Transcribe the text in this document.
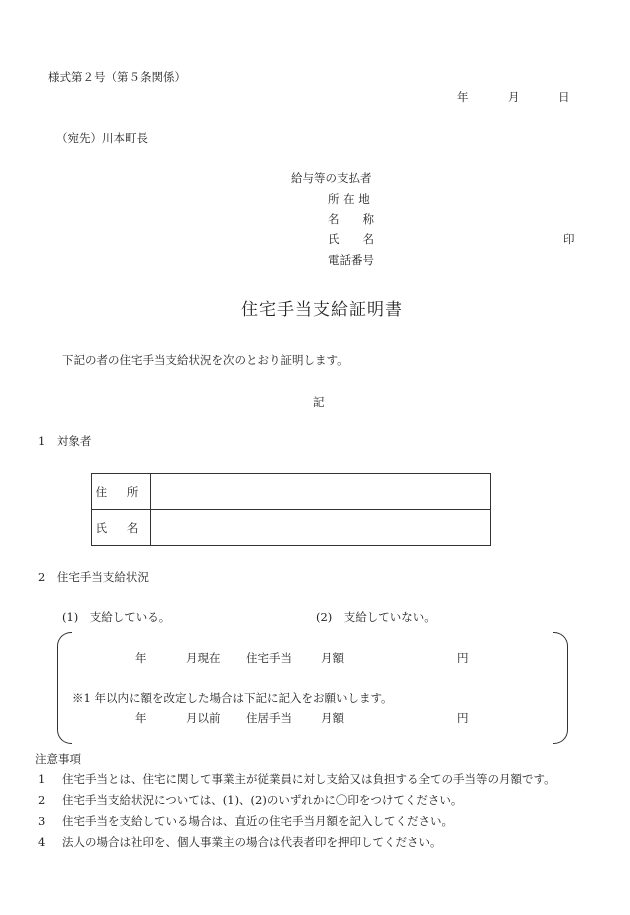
様式第２号（第５条関係）
年	月	日
（宛先）川本町長
給与等の支払者
所 在 地
名　　称
氏　　名	印
電話番号
住宅手当支給証明書
下記の者の住宅手当支給状況を次のとおり証明します。
記
1　対象者
住 所	
氏 名	
2　住宅手当支給状況
(1)　支給している。	(2)　支給していない。
年	月現在 住宅手当	月額	円
※1 年以内に額を改定した場合は下記に記入をお願いします。
年	月以前 住居手当	月額	円
注意事項
1 住宅手当とは、住宅に関して事業主が従業員に対し支給又は負担する全ての手当等の月額です。
2 住宅手当支給状況については、(1)、(2)のいずれかに〇印をつけてください。
3 住宅手当を支給している場合は、直近の住宅手当月額を記入してください。
4 法人の場合は社印を、個人事業主の場合は代表者印を押印してください。
